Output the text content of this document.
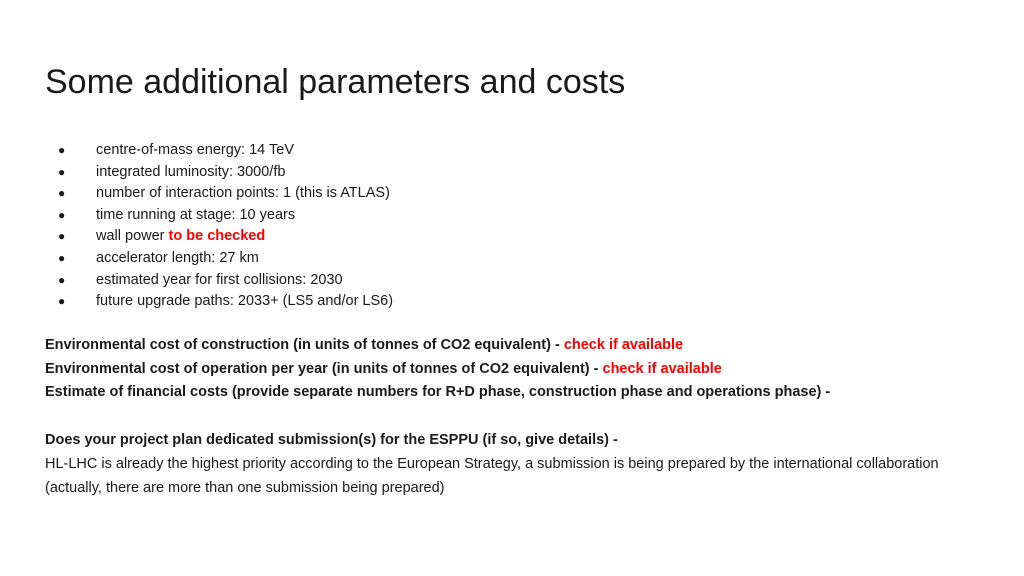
Some additional parameters and costs
● centre-of-mass energy: 14 TeV
● integrated luminosity: 3000/fb
● number of interaction points: 1 (this is ATLAS)
● time running at stage: 10 years
● wall power to be checked
● accelerator length: 27 km
● estimated year for first collisions: 2030
● future upgrade paths: 2033+ (LS5 and/or LS6)

Environmental cost of construction (in units of tonnes of CO2 equivalent) - check if available

Environmental cost of operation per year (in units of tonnes of CO2 equivalent) - check if available

Estimate of financial costs (provide separate numbers for R+D phase, construction phase and operations phase) -

Does your project plan dedicated submission(s) for the ESPPU (if so, give details) -

HL-LHC is already the highest priority according to the European Strategy, a submission is being prepared by the international collaboration (actually, there are more than one submission being prepared)
